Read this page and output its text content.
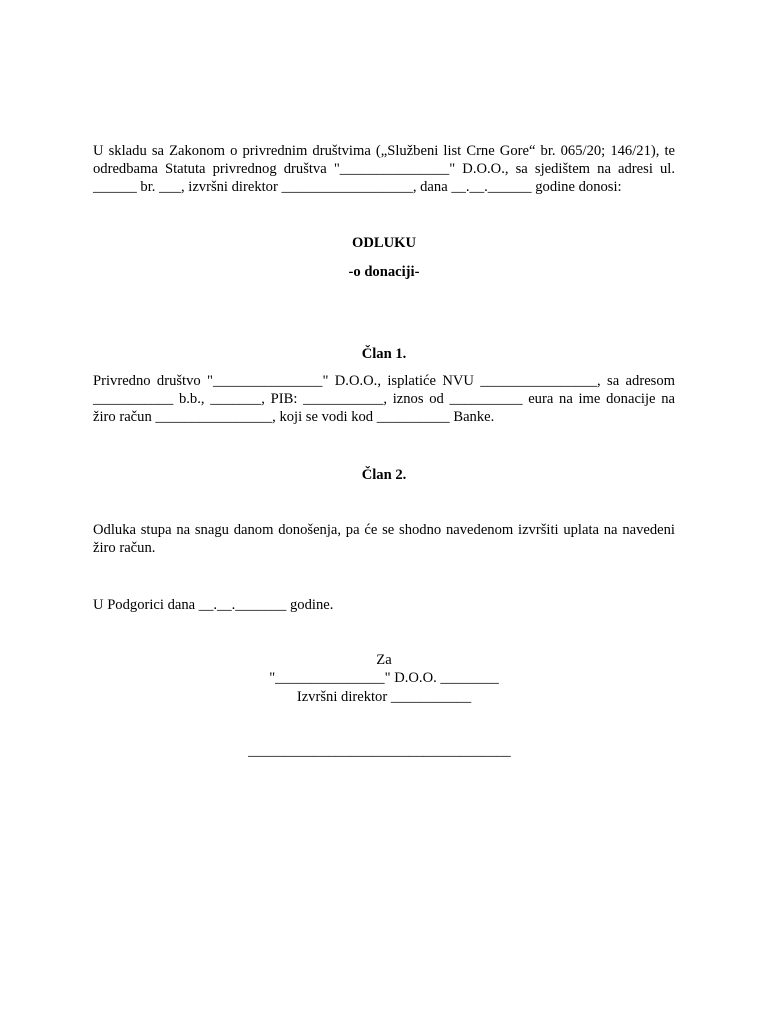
U skladu sa Zakonom o privrednim društvima („Službeni list Crne Gore“ br. 065/20; 146/21), te odredbama Statuta privrednog društva "_______________" D.O.O., sa sjedištem na adresi ul. ______ br. ___, izvršni direktor __________________, dana __.__.______ godine donosi:
ODLUKU
-o donaciji-
Član 1.
Privredno društvo "_______________" D.O.O., isplatiće NVU ________________, sa adresom ___________ b.b., _______, PIB: ___________, iznos od __________ eura na ime donacije na žiro račun ________________, koji se vodi kod __________ Banke.
Član 2.
Odluka stupa na snagu danom donošenja, pa će se shodno navedenom izvršiti uplata na navedeni žiro račun.
U Podgorici dana __.__._______ godine.
Za
"_______________" D.O.O. ________
Izvršni direktor ___________
____________________________________
